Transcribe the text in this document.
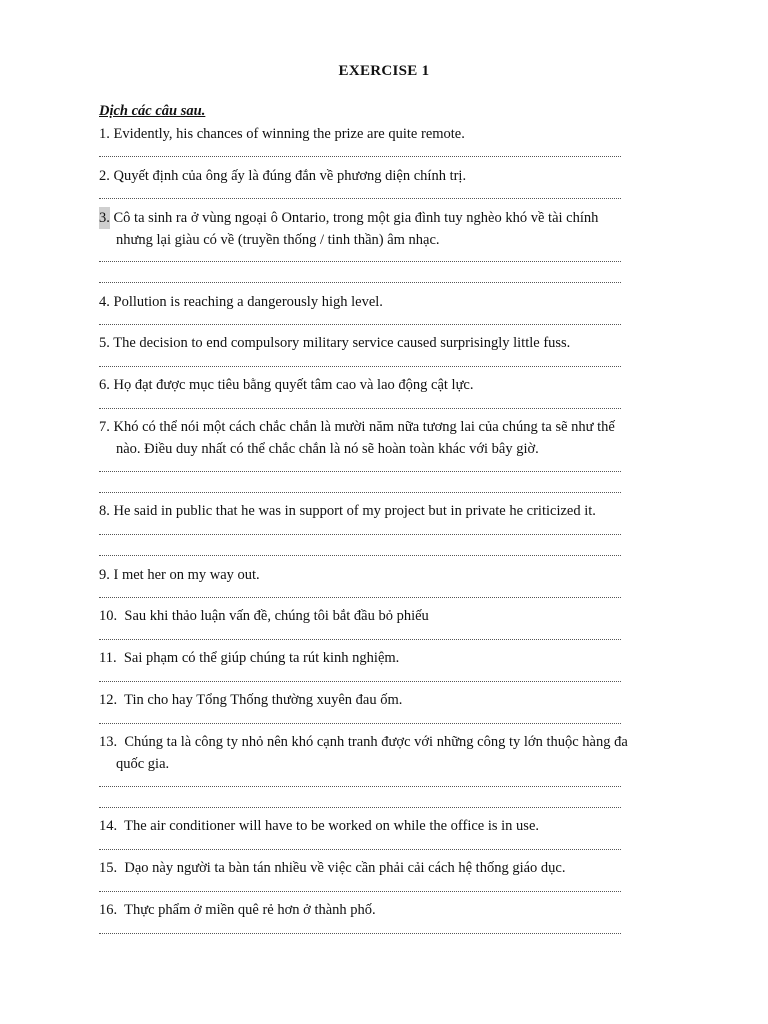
EXERCISE 1
Dịch các câu sau.
1. Evidently, his chances of winning the prize are quite remote.
2. Quyết định của ông ấy là đúng đắn về phương diện chính trị.
3. Cô ta sinh ra ở vùng ngoại ô Ontario, trong một gia đình tuy nghèo khó về tài chính
nhưng lại giàu có về (truyền thống / tinh thần) âm nhạc.
4. Pollution is reaching a dangerously high level.
5. The decision to end compulsory military service caused surprisingly little fuss.
6. Họ đạt được mục tiêu bằng quyết tâm cao và lao động cật lực.
7. Khó có thể nói một cách chắc chắn là mười năm nữa tương lai của chúng ta sẽ như thế
nào. Điều duy nhất có thể chắc chắn là nó sẽ hoàn toàn khác với bây giờ.
8. He said in public that he was in support of my project but in private he criticized it.
9. I met her on my way out.
10. Sau khi thảo luận vấn đề, chúng tôi bắt đầu bỏ phiếu
11. Sai phạm có thể giúp chúng ta rút kinh nghiệm.
12. Tin cho hay Tổng Thống thường xuyên đau ốm.
13. Chúng ta là công ty nhỏ nên khó cạnh tranh được với những công ty lớn thuộc hàng đa
quốc gia.
14. The air conditioner will have to be worked on while the office is in use.
15. Dạo này người ta bàn tán nhiều về việc cần phải cải cách hệ thống giáo dục.
16. Thực phẩm ở miền quê rẻ hơn ở thành phố.
